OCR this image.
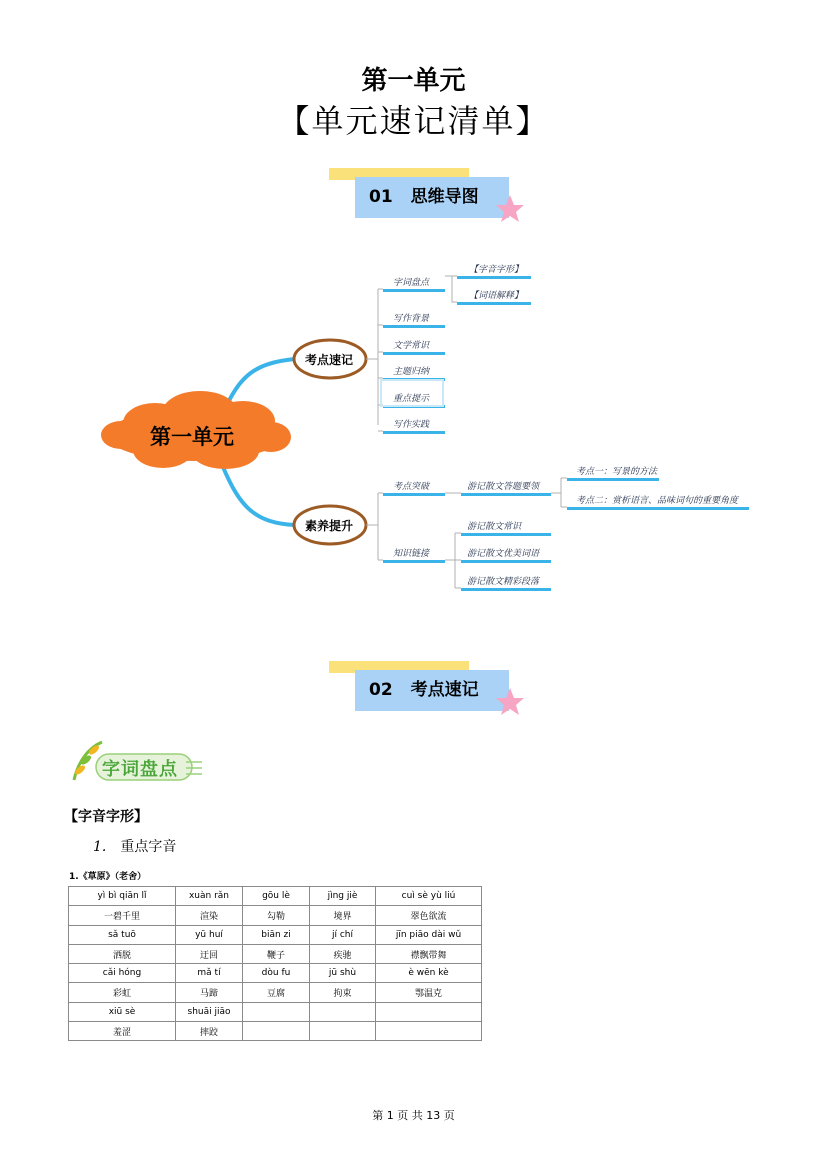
第一单元
【单元速记清单】
01 思维导图
第一单元
考点速记
素养提升
字词盘点
写作背景
文学常识
主题归纳
重点提示
写作实践
【字音字形】
【词语解释】
考点突破
知识链接
游记散文答题要领
考点一：写景的方法
考点二：赏析语言、品味词句的重要角度
游记散文常识
游记散文优美词语
游记散文精彩段落
02 考点速记
字词盘点
【字音字形】
1. 重点字音
1.《草原》（老舍）
yì bì qiān lǐ	xuàn rǎn	gōu lè	jìng jiè	cuì sè yù liú
一碧千里	渲染	勾勒	境界	翠色欲流
sǎ tuō	yū huí	biān zi	jí chí	jīn piāo dài wǔ
洒脱	迂回	鞭子	疾驰	襟飘带舞
cǎi hóng	mǎ tí	dòu fu	jū shù	è wēn kè
彩虹	马蹄	豆腐	拘束	鄂温克
xiū sè	shuāi jiāo			
羞涩	摔跤			
第 1 页 共 13 页
